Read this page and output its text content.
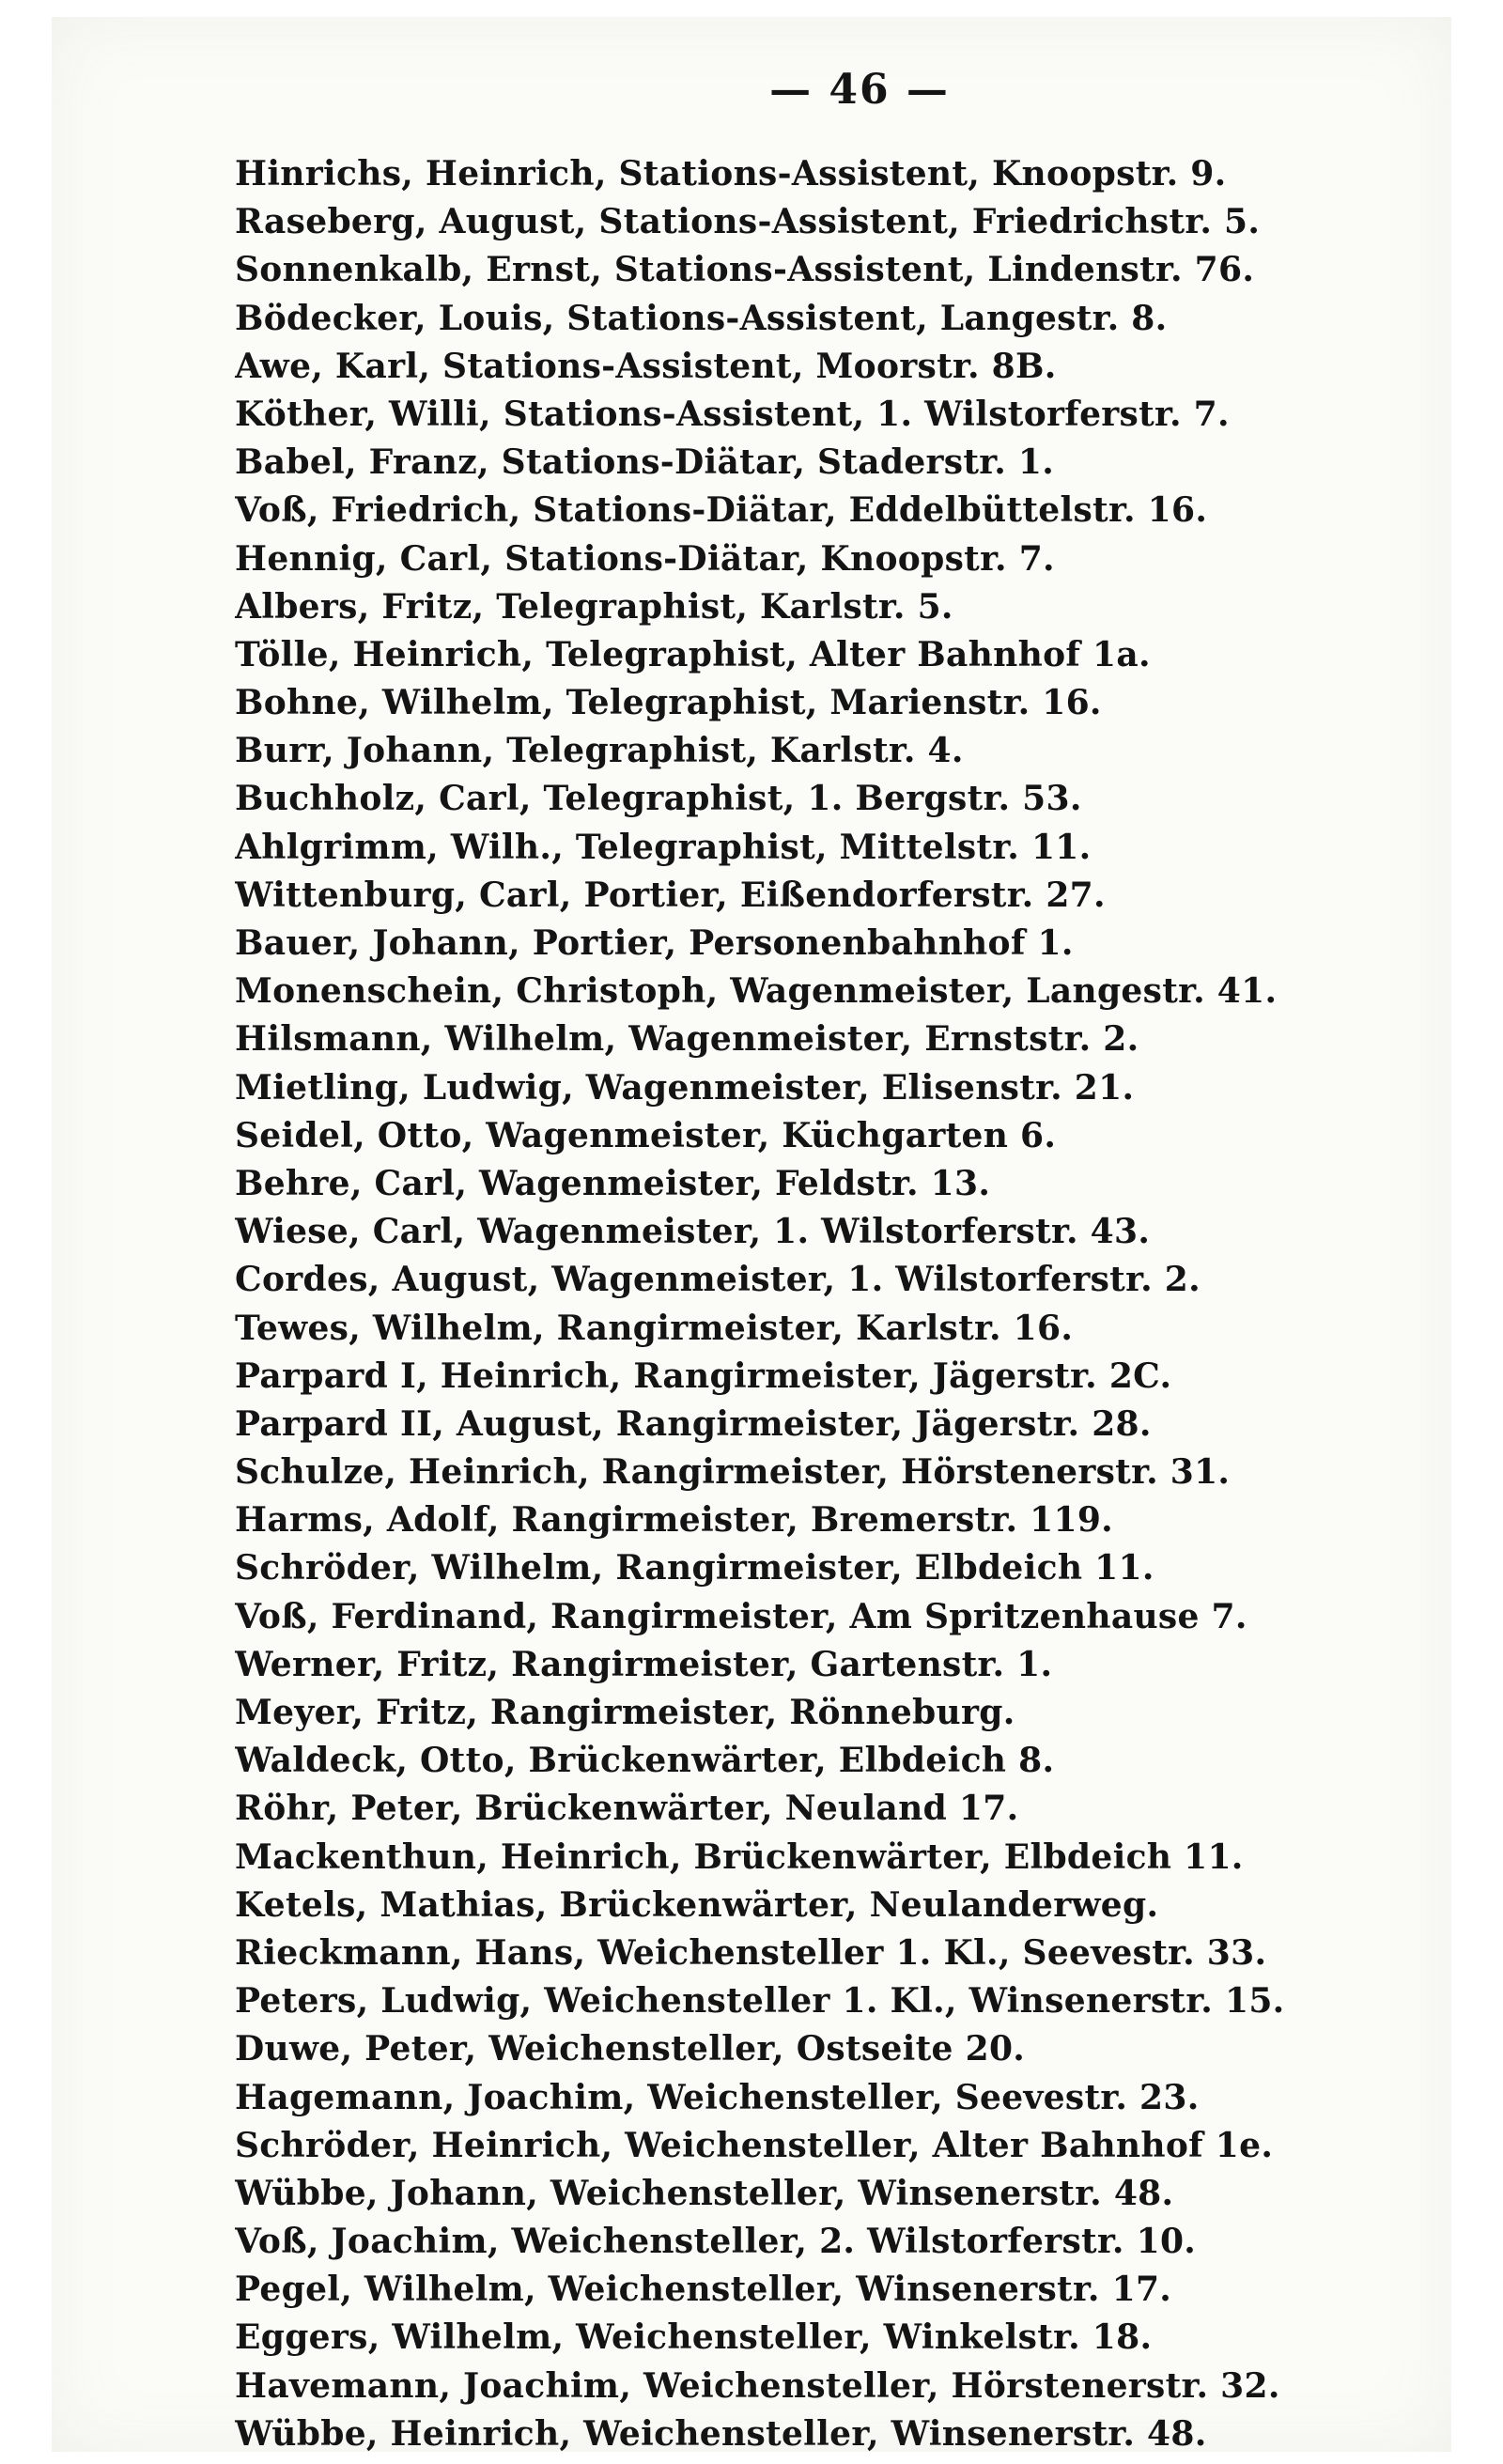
— 46 —
Hinrichs, Heinrich, Stations-Assistent, Knoopstr. 9.
Raseberg, August, Stations-Assistent, Friedrichstr. 5.
Sonnenkalb, Ernst, Stations-Assistent, Lindenstr. 76.
Bödecker, Louis, Stations-Assistent, Langestr. 8.
Awe, Karl, Stations-Assistent, Moorstr. 8B.
Köther, Willi, Stations-Assistent, 1. Wilstorferstr. 7.
Babel, Franz, Stations-Diätar, Staderstr. 1.
Voß, Friedrich, Stations-Diätar, Eddelbüttelstr. 16.
Hennig, Carl, Stations-Diätar, Knoopstr. 7.
Albers, Fritz, Telegraphist, Karlstr. 5.
Tölle, Heinrich, Telegraphist, Alter Bahnhof 1a.
Bohne, Wilhelm, Telegraphist, Marienstr. 16.
Burr, Johann, Telegraphist, Karlstr. 4.
Buchholz, Carl, Telegraphist, 1. Bergstr. 53.
Ahlgrimm, Wilh., Telegraphist, Mittelstr. 11.
Wittenburg, Carl, Portier, Eißendorferstr. 27.
Bauer, Johann, Portier, Personenbahnhof 1.
Monenschein, Christoph, Wagenmeister, Langestr. 41.
Hilsmann, Wilhelm, Wagenmeister, Ernststr. 2.
Mietling, Ludwig, Wagenmeister, Elisenstr. 21.
Seidel, Otto, Wagenmeister, Küchgarten 6.
Behre, Carl, Wagenmeister, Feldstr. 13.
Wiese, Carl, Wagenmeister, 1. Wilstorferstr. 43.
Cordes, August, Wagenmeister, 1. Wilstorferstr. 2.
Tewes, Wilhelm, Rangirmeister, Karlstr. 16.
Parpard I, Heinrich, Rangirmeister, Jägerstr. 2C.
Parpard II, August, Rangirmeister, Jägerstr. 28.
Schulze, Heinrich, Rangirmeister, Hörstenerstr. 31.
Harms, Adolf, Rangirmeister, Bremerstr. 119.
Schröder, Wilhelm, Rangirmeister, Elbdeich 11.
Voß, Ferdinand, Rangirmeister, Am Spritzenhause 7.
Werner, Fritz, Rangirmeister, Gartenstr. 1.
Meyer, Fritz, Rangirmeister, Rönneburg.
Waldeck, Otto, Brückenwärter, Elbdeich 8.
Röhr, Peter, Brückenwärter, Neuland 17.
Mackenthun, Heinrich, Brückenwärter, Elbdeich 11.
Ketels, Mathias, Brückenwärter, Neulanderweg.
Rieckmann, Hans, Weichensteller 1. Kl., Seevestr. 33.
Peters, Ludwig, Weichensteller 1. Kl., Winsenerstr. 15.
Duwe, Peter, Weichensteller, Ostseite 20.
Hagemann, Joachim, Weichensteller, Seevestr. 23.
Schröder, Heinrich, Weichensteller, Alter Bahnhof 1e.
Wübbe, Johann, Weichensteller, Winsenerstr. 48.
Voß, Joachim, Weichensteller, 2. Wilstorferstr. 10.
Pegel, Wilhelm, Weichensteller, Winsenerstr. 17.
Eggers, Wilhelm, Weichensteller, Winkelstr. 18.
Havemann, Joachim, Weichensteller, Hörstenerstr. 32.
Wübbe, Heinrich, Weichensteller, Winsenerstr. 48.
